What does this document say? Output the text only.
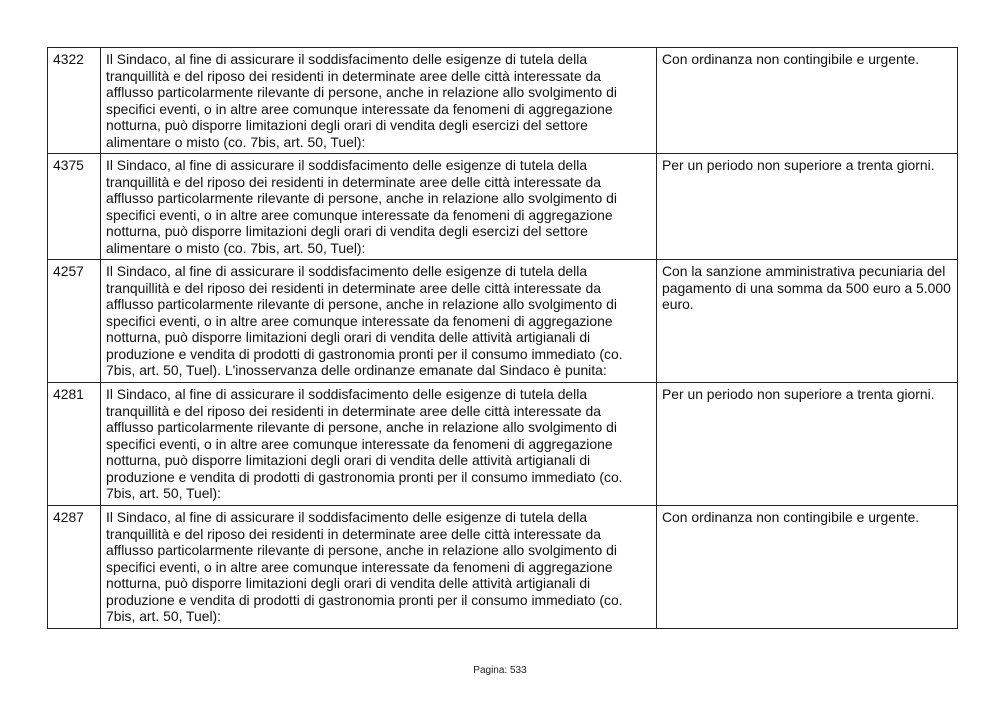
4322	Il Sindaco, al fine di assicurare il soddisfacimento delle esigenze di tutela della tranquillità e del riposo dei residenti in determinate aree delle città interessate da afflusso particolarmente rilevante di persone, anche in relazione allo svolgimento di specifici eventi, o in altre aree comunque interessate da fenomeni di aggregazione notturna, può disporre limitazioni degli orari di vendita degli esercizi del settore alimentare o misto (co. 7bis, art. 50, Tuel):	Con ordinanza non contingibile e urgente.
4375	Il Sindaco, al fine di assicurare il soddisfacimento delle esigenze di tutela della tranquillità e del riposo dei residenti in determinate aree delle città interessate da afflusso particolarmente rilevante di persone, anche in relazione allo svolgimento di specifici eventi, o in altre aree comunque interessate da fenomeni di aggregazione notturna, può disporre limitazioni degli orari di vendita degli esercizi del settore alimentare o misto (co. 7bis, art. 50, Tuel):	Per un periodo non superiore a trenta giorni.
4257	Il Sindaco, al fine di assicurare il soddisfacimento delle esigenze di tutela della tranquillità e del riposo dei residenti in determinate aree delle città interessate da afflusso particolarmente rilevante di persone, anche in relazione allo svolgimento di specifici eventi, o in altre aree comunque interessate da fenomeni di aggregazione notturna, può disporre limitazioni degli orari di vendita delle attività artigianali di produzione e vendita di prodotti di gastronomia pronti per il consumo immediato (co. 7bis, art. 50, Tuel). L'inosservanza delle ordinanze emanate dal Sindaco è punita:	Con la sanzione amministrativa pecuniaria del pagamento di una somma da 500 euro a 5.000 euro.
4281	Il Sindaco, al fine di assicurare il soddisfacimento delle esigenze di tutela della tranquillità e del riposo dei residenti in determinate aree delle città interessate da afflusso particolarmente rilevante di persone, anche in relazione allo svolgimento di specifici eventi, o in altre aree comunque interessate da fenomeni di aggregazione notturna, può disporre limitazioni degli orari di vendita delle attività artigianali di produzione e vendita di prodotti di gastronomia pronti per il consumo immediato (co. 7bis, art. 50, Tuel):	Per un periodo non superiore a trenta giorni.
4287	Il Sindaco, al fine di assicurare il soddisfacimento delle esigenze di tutela della tranquillità e del riposo dei residenti in determinate aree delle città interessate da afflusso particolarmente rilevante di persone, anche in relazione allo svolgimento di specifici eventi, o in altre aree comunque interessate da fenomeni di aggregazione notturna, può disporre limitazioni degli orari di vendita delle attività artigianali di produzione e vendita di prodotti di gastronomia pronti per il consumo immediato (co. 7bis, art. 50, Tuel):	Con ordinanza non contingibile e urgente.
Pagina: 533
